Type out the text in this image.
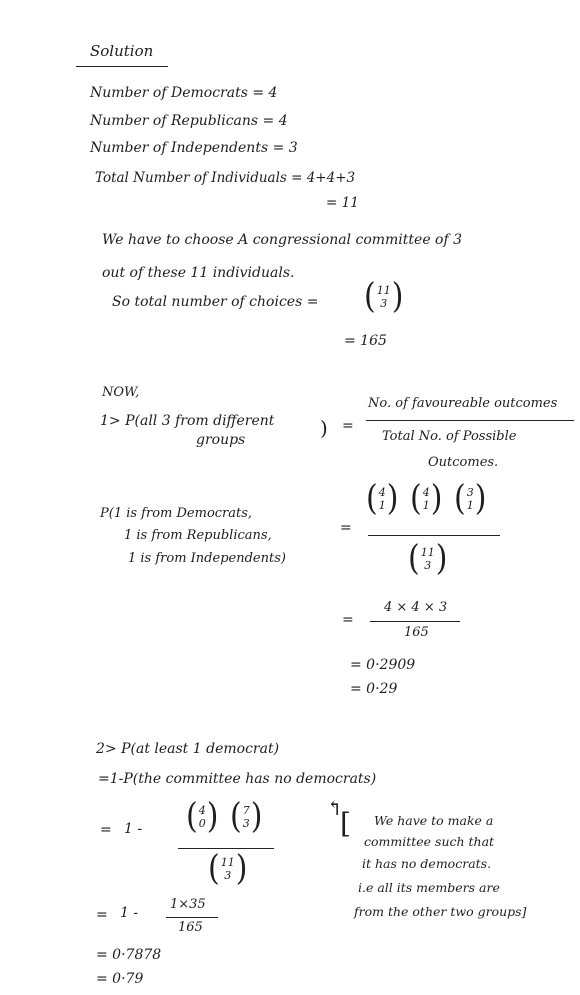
Solution
Number of Democrats = 4
Number of Republicans = 4
Number of Independents = 3
Total Number of Individuals = 4+4+3
= 11
We have to choose A congressional committee of 3
out of these 11 individuals.
So total number of choices = ( 11
3 )
= 165
NOW,
1> P(all 3 from different )
groups
=
No. of favoureable outcomes
Total No. of Possible
Outcomes.
P(1 is from Democrats,
1 is from Republicans,
1 is from Independents)
=
( 4
1 ) ( 4
1 ) ( 3
1 )
( 11
3 )
=
4 × 4 × 3
165
= 0·2909
= 0·29
2> P(at least 1 democrat)
=1-P(the committee has no democrats)
= 1 - ( 4
0 ) ( 7
3 )
( 11
3 )
↰
[ We have to make a
committee such that
it has no democrats.
i.e all its members are
from the other two groups]
= 1 -
1×35
165
= 0·7878
= 0·79
